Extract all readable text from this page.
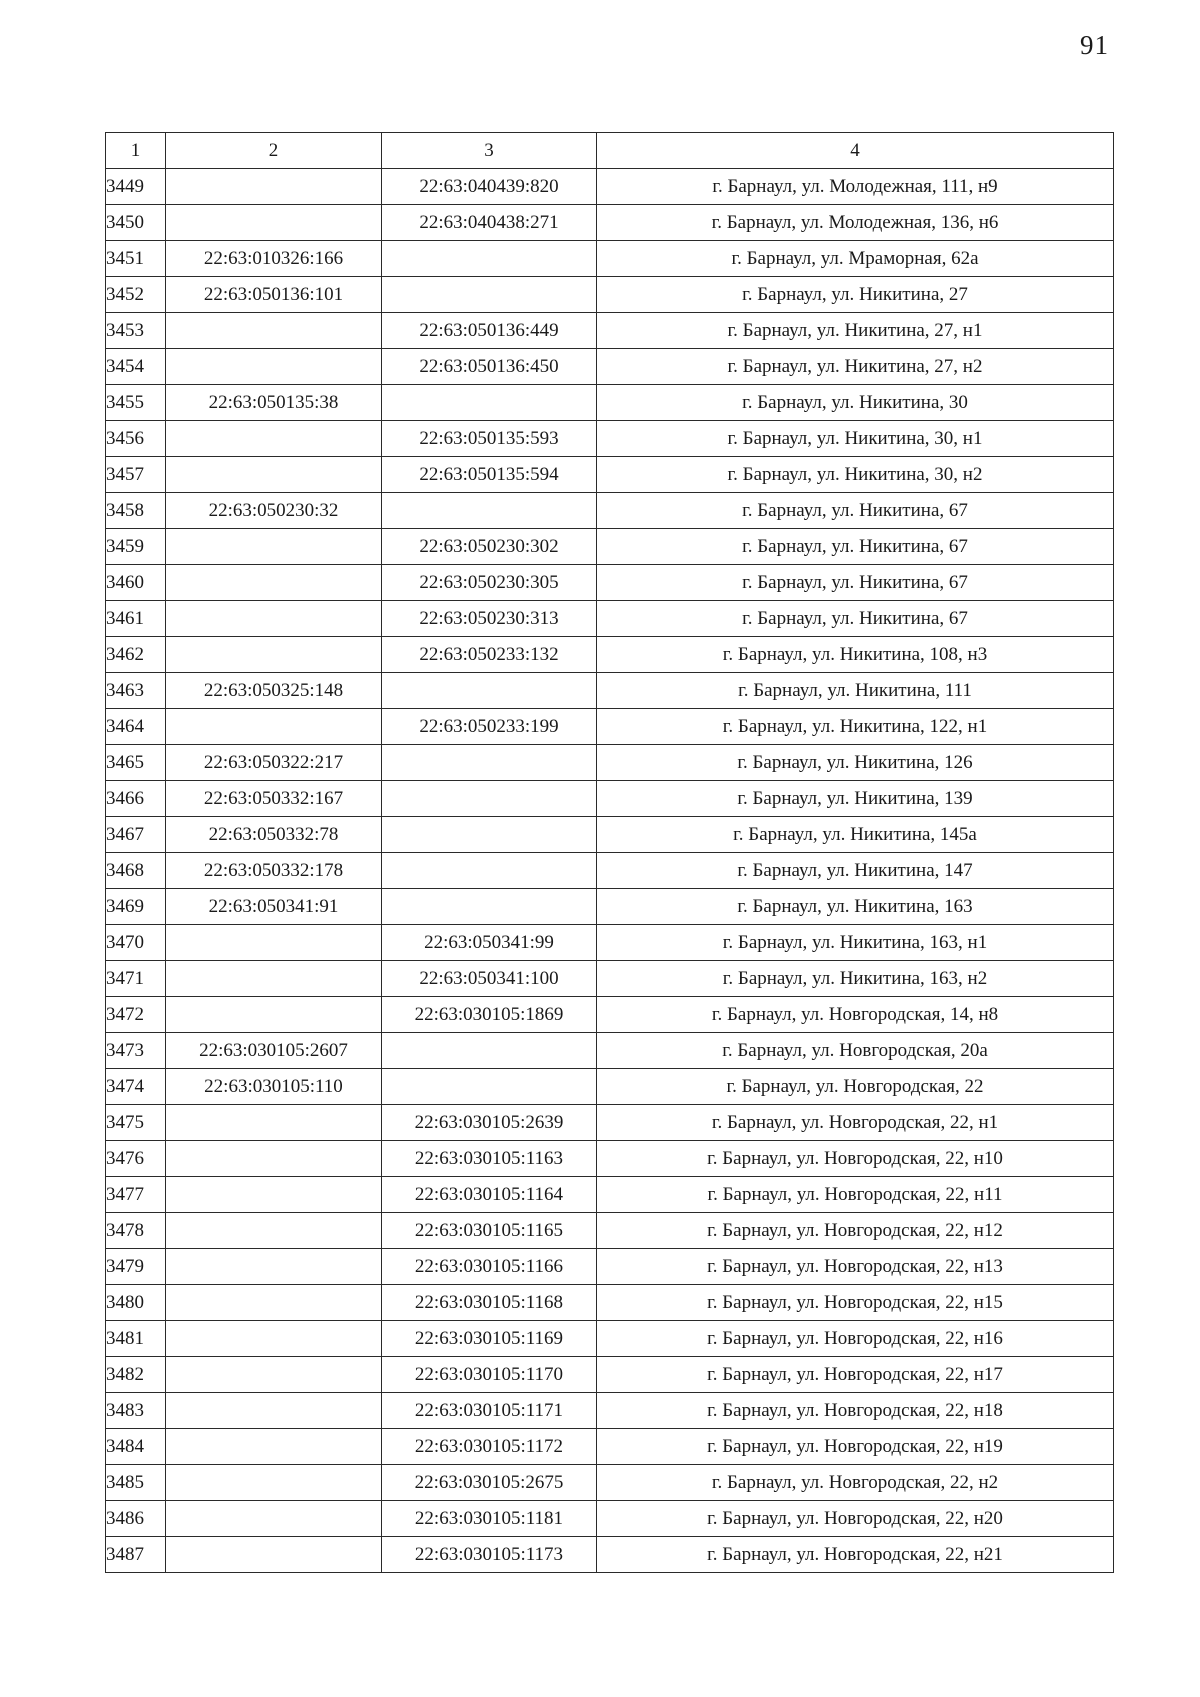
91
1	2	3	4
3449		22:63:040439:820	г. Барнаул, ул. Молодежная, 111, н9
3450		22:63:040438:271	г. Барнаул, ул. Молодежная, 136, н6
3451	22:63:010326:166		г. Барнаул, ул. Мраморная, 62а
3452	22:63:050136:101		г. Барнаул, ул. Никитина, 27
3453		22:63:050136:449	г. Барнаул, ул. Никитина, 27, н1
3454		22:63:050136:450	г. Барнаул, ул. Никитина, 27, н2
3455	22:63:050135:38		г. Барнаул, ул. Никитина, 30
3456		22:63:050135:593	г. Барнаул, ул. Никитина, 30, н1
3457		22:63:050135:594	г. Барнаул, ул. Никитина, 30, н2
3458	22:63:050230:32		г. Барнаул, ул. Никитина, 67
3459		22:63:050230:302	г. Барнаул, ул. Никитина, 67
3460		22:63:050230:305	г. Барнаул, ул. Никитина, 67
3461		22:63:050230:313	г. Барнаул, ул. Никитина, 67
3462		22:63:050233:132	г. Барнаул, ул. Никитина, 108, н3
3463	22:63:050325:148		г. Барнаул, ул. Никитина, 111
3464		22:63:050233:199	г. Барнаул, ул. Никитина, 122, н1
3465	22:63:050322:217		г. Барнаул, ул. Никитина, 126
3466	22:63:050332:167		г. Барнаул, ул. Никитина, 139
3467	22:63:050332:78		г. Барнаул, ул. Никитина, 145а
3468	22:63:050332:178		г. Барнаул, ул. Никитина, 147
3469	22:63:050341:91		г. Барнаул, ул. Никитина, 163
3470		22:63:050341:99	г. Барнаул, ул. Никитина, 163, н1
3471		22:63:050341:100	г. Барнаул, ул. Никитина, 163, н2
3472		22:63:030105:1869	г. Барнаул, ул. Новгородская, 14, н8
3473	22:63:030105:2607		г. Барнаул, ул. Новгородская, 20а
3474	22:63:030105:110		г. Барнаул, ул. Новгородская, 22
3475		22:63:030105:2639	г. Барнаул, ул. Новгородская, 22, н1
3476		22:63:030105:1163	г. Барнаул, ул. Новгородская, 22, н10
3477		22:63:030105:1164	г. Барнаул, ул. Новгородская, 22, н11
3478		22:63:030105:1165	г. Барнаул, ул. Новгородская, 22, н12
3479		22:63:030105:1166	г. Барнаул, ул. Новгородская, 22, н13
3480		22:63:030105:1168	г. Барнаул, ул. Новгородская, 22, н15
3481		22:63:030105:1169	г. Барнаул, ул. Новгородская, 22, н16
3482		22:63:030105:1170	г. Барнаул, ул. Новгородская, 22, н17
3483		22:63:030105:1171	г. Барнаул, ул. Новгородская, 22, н18
3484		22:63:030105:1172	г. Барнаул, ул. Новгородская, 22, н19
3485		22:63:030105:2675	г. Барнаул, ул. Новгородская, 22, н2
3486		22:63:030105:1181	г. Барнаул, ул. Новгородская, 22, н20
3487		22:63:030105:1173	г. Барнаул, ул. Новгородская, 22, н21
